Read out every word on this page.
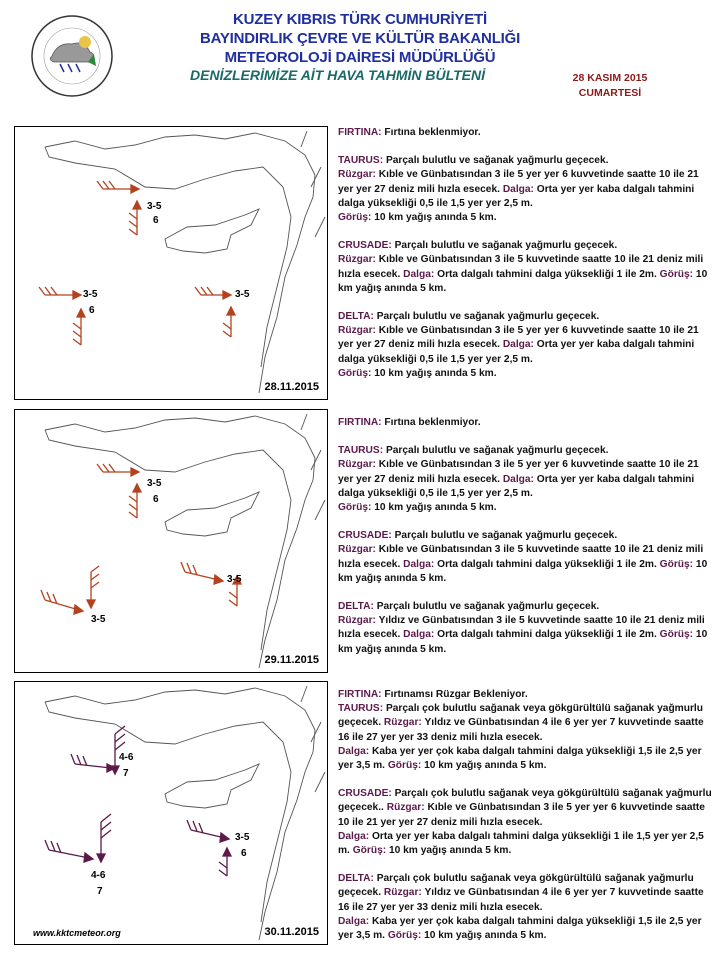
KUZEY KIBRIS TÜRK CUMHURİYETİ
BAYINDIRLIK ÇEVRE VE KÜLTÜR BAKANLIĞI
METEOROLOJİ DAİRESİ MÜDÜRLÜĞÜ
DENİZLERİMİZE AİT HAVA TAHMİN BÜLTENİ	28 KASIM 2015
CUMARTESİ
3-5
6
3-5
6
3-5
28.11.2015
3-5
6
3-5
3-5
29.11.2015
4-6
7
4-6
7
3-5
6
www.kktcmeteor.org	30.11.2015

FIRTINA: Fırtına beklenmiyor.

TAURUS: Parçalı bulutlu ve sağanak yağmurlu geçecek.
Rüzgar: Kıble ve Günbatısından 3 ile 5 yer yer 6 kuvvetinde saatte 10 ile 21 yer yer 27 deniz mili hızla esecek. Dalga: Orta yer yer kaba dalgalı tahmini dalga yüksekliği 0,5 ile 1,5 yer yer 2,5 m.
Görüş: 10 km yağış anında 5 km.

CRUSADE: Parçalı bulutlu ve sağanak yağmurlu geçecek.
Rüzgar: Kıble ve Günbatısından 3 ile 5 kuvvetinde saatte 10 ile 21 deniz mili hızla esecek. Dalga: Orta dalgalı tahmini dalga yüksekliği 1 ile 2m. Görüş: 10 km yağış anında 5 km.

DELTA: Parçalı bulutlu ve sağanak yağmurlu geçecek.
Rüzgar: Kıble ve Günbatısından 3 ile 5 yer yer 6 kuvvetinde saatte 10 ile 21 yer yer 27 deniz mili hızla esecek. Dalga: Orta yer yer kaba dalgalı tahmini dalga yüksekliği 0,5 ile 1,5 yer yer 2,5 m.
Görüş: 10 km yağış anında 5 km.

FIRTINA: Fırtına beklenmiyor.

TAURUS: Parçalı bulutlu ve sağanak yağmurlu geçecek.
Rüzgar: Kıble ve Günbatısından 3 ile 5 yer yer 6 kuvvetinde saatte 10 ile 21 yer yer 27 deniz mili hızla esecek. Dalga: Orta yer yer kaba dalgalı tahmini dalga yüksekliği 0,5 ile 1,5 yer yer 2,5 m.
Görüş: 10 km yağış anında 5 km.

CRUSADE: Parçalı bulutlu ve sağanak yağmurlu geçecek.
Rüzgar: Kıble ve Günbatısından 3 ile 5 kuvvetinde saatte 10 ile 21 deniz mili hızla esecek. Dalga: Orta dalgalı tahmini dalga yüksekliği 1 ile 2m. Görüş: 10 km yağış anında 5 km.

DELTA: Parçalı bulutlu ve sağanak yağmurlu geçecek.
Rüzgar: Yıldız ve Günbatısından 3 ile 5 kuvvetinde saatte 10 ile 21 deniz mili hızla esecek. Dalga: Orta dalgalı tahmini dalga yüksekliği 1 ile 2m. Görüş: 10 km yağış anında 5 km.

FIRTINA: Fırtınamsı Rüzgar Bekleniyor.

TAURUS: Parçalı çok bulutlu sağanak veya gökgürültülü sağanak yağmurlu geçecek. Rüzgar: Yıldız ve Günbatısından 4 ile 6 yer yer 7 kuvvetinde saatte 16 ile 27 yer yer 33 deniz mili hızla esecek.
Dalga: Kaba yer yer çok kaba dalgalı tahmini dalga yüksekliği 1,5 ile 2,5 yer yer 3,5 m. Görüş: 10 km yağış anında 5 km.

CRUSADE: Parçalı çok bulutlu sağanak veya gökgürültülü sağanak yağmurlu geçecek.. Rüzgar: Kıble ve Günbatısından 3 ile 5 yer yer 6 kuvvetinde saatte 10 ile 21 yer yer 27 deniz mili hızla esecek.
Dalga: Orta yer yer kaba dalgalı tahmini dalga yüksekliği 1 ile 1,5 yer yer 2,5 m. Görüş: 10 km yağış anında 5 km.

DELTA: Parçalı çok bulutlu sağanak veya gökgürültülü sağanak yağmurlu geçecek. Rüzgar: Yıldız ve Günbatısından 4 ile 6 yer yer 7 kuvvetinde saatte 16 ile 27 yer yer 33 deniz mili hızla esecek.
Dalga: Kaba yer yer çok kaba dalgalı tahmini dalga yüksekliği 1,5 ile 2,5 yer yer 3,5 m. Görüş: 10 km yağış anında 5 km.
